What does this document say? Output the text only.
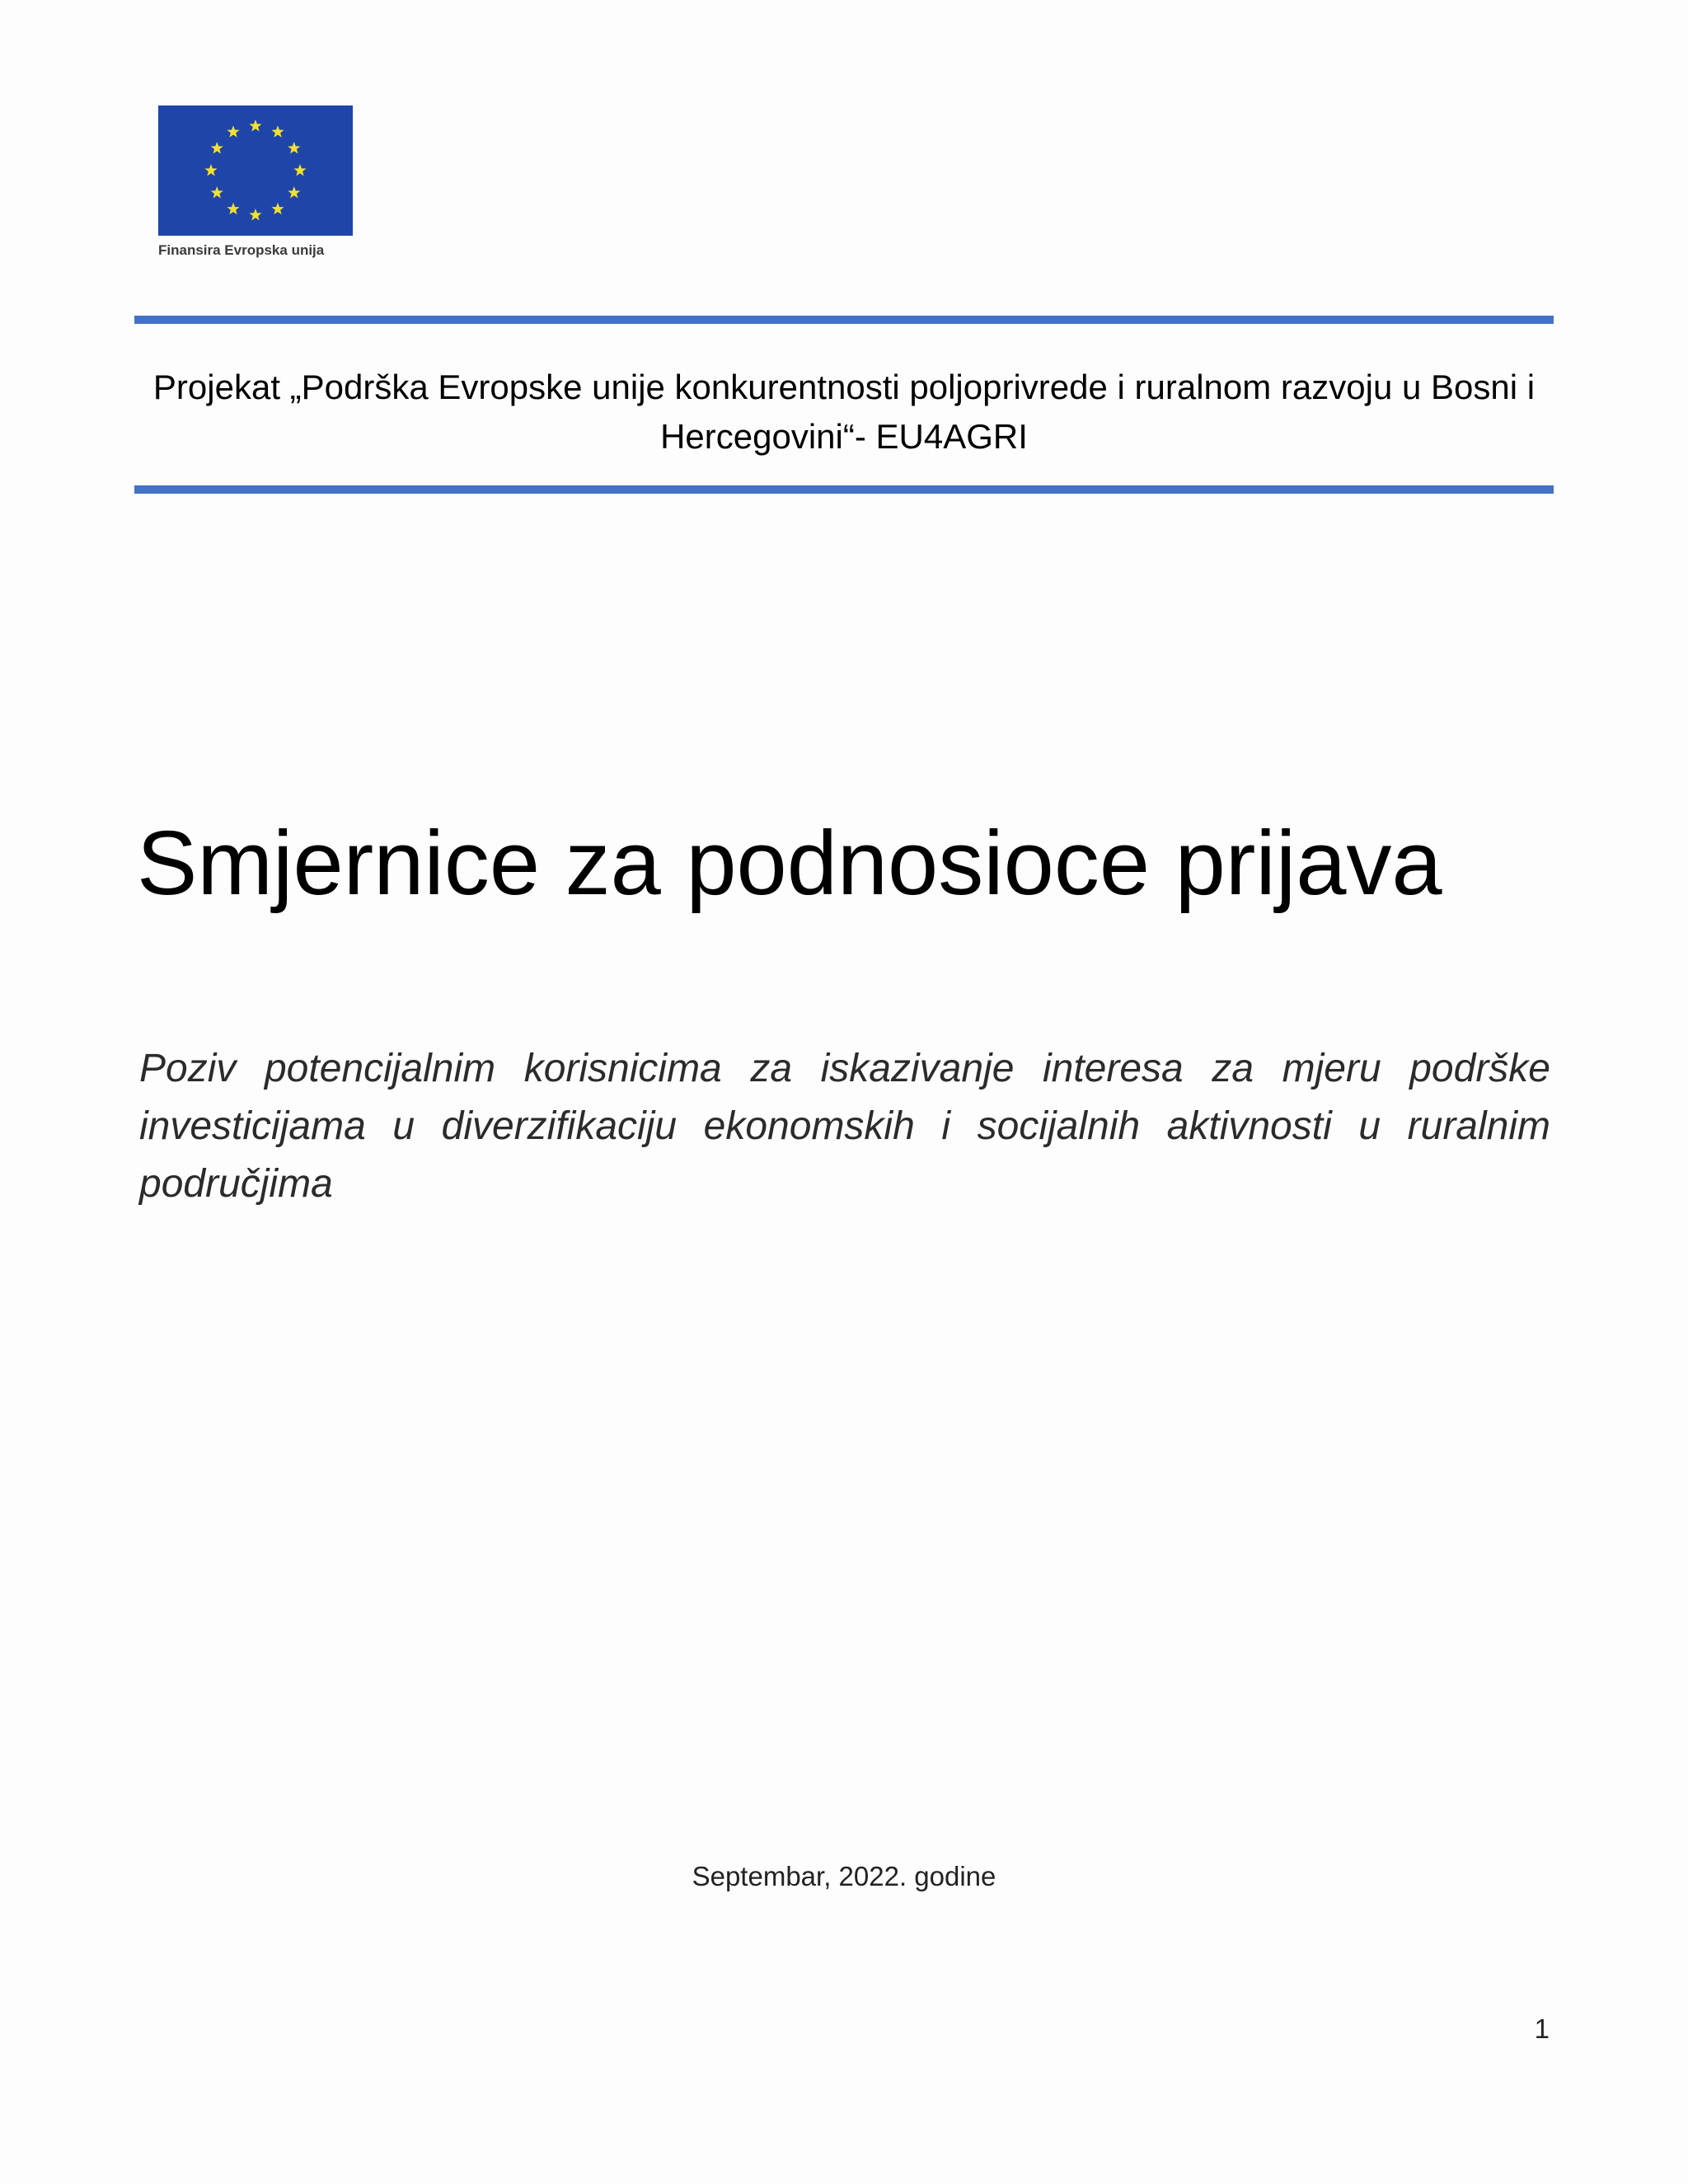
Finansira Evropska unija

Projekat „Podrška Evropske unije konkurentnosti poljoprivrede i ruralnom razvoju u Bosni i Hercegovini“- EU4AGRI

Smjernice za podnosioce prijava

Poziv potencijalnim korisnicima za iskazivanje interesa za mjeru podrške investicijama u diverzifikaciju ekonomskih i socijalnih aktivnosti u ruralnim područjima

Septembar, 2022. godine
1
